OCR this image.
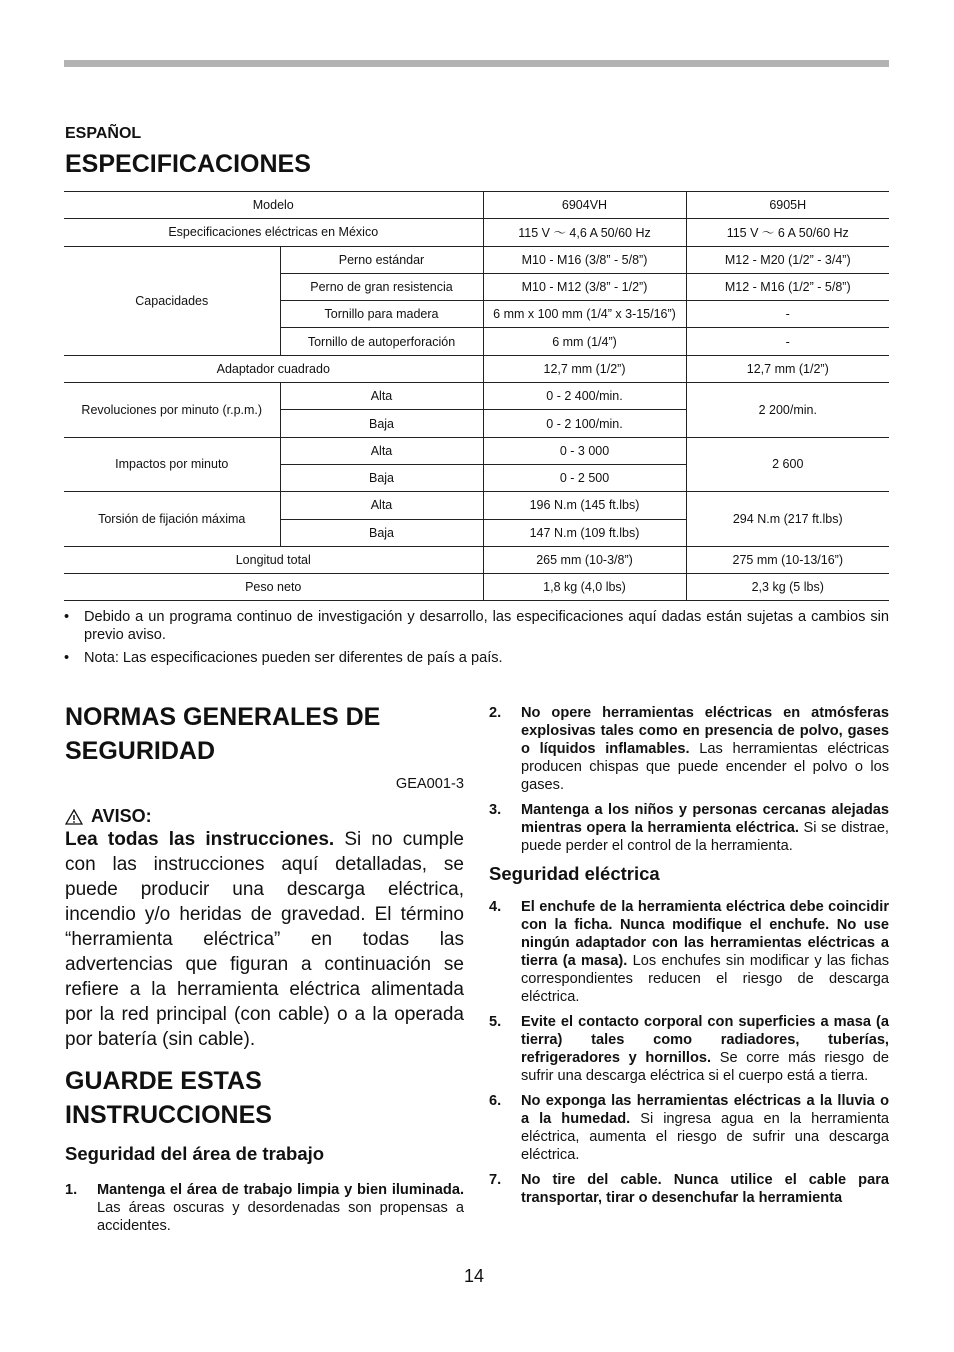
ESPAÑOL
ESPECIFICACIONES
Modelo		6904VH	6905H
Especificaciones eléctricas en México		115 V ～ 4,6 A 50/60 Hz	115 V ～ 6 A 50/60 Hz
Capacidades	Perno estándar	M10 - M16 (3/8” - 5/8”)	M12 - M20 (1/2” - 3/4”)
	Perno de gran resistencia	M10 - M12 (3/8” - 1/2”)	M12 - M16 (1/2” - 5/8”)
	Tornillo para madera	6 mm x 100 mm (1/4” x 3-15/16”)	-
	Tornillo de autoperforación	6 mm (1/4”)	-
Adaptador cuadrado		12,7 mm (1/2”)	12,7 mm (1/2”)
Revoluciones por minuto (r.p.m.)	Alta	0 - 2 400/min.	2 200/min.
	Baja	0 - 2 100/min.	
Impactos por minuto	Alta	0 - 3 000	2 600
	Baja	0 - 2 500	
Torsión de fijación máxima	Alta	196 N.m (145 ft.lbs)	294 N.m (217 ft.lbs)
	Baja	147 N.m (109 ft.lbs)	
Longitud total		265 mm (10-3/8”)	275 mm (10-13/16”)
Peso neto		1,8 kg (4,0 lbs)	2,3 kg (5 lbs)
• Debido a un programa continuo de investigación y desarrollo, las especificaciones aquí dadas están sujetas a cambios sin previo aviso.
• Nota: Las especificaciones pueden ser diferentes de país a país.
NORMAS GENERALES DE SEGURIDAD
GEA001-3
AVISO:

Lea todas las instrucciones. Si no cumple con las instrucciones aquí detalladas, se puede producir una descarga eléctrica, incendio y/o heridas de gravedad. El término “herramienta eléctrica” en todas las advertencias que figuran a continuación se refiere a la herramienta eléctrica alimentada por la red principal (con cable) o a la operada por batería (sin cable).

GUARDE ESTAS INSTRUCCIONES
Seguridad del área de trabajo
1.	Mantenga el área de trabajo limpia y bien iluminada. Las áreas oscuras y desordenadas son propensas a accidentes.
2.	No opere herramientas eléctricas en atmósferas explosivas tales como en presencia de polvo, gases o líquidos inflamables. Las herramientas eléctricas producen chispas que puede encender el polvo o los gases.
3.	Mantenga a los niños y personas cercanas alejadas mientras opera la herramienta eléctrica. Si se distrae, puede perder el control de la herramienta.
Seguridad eléctrica
4.	El enchufe de la herramienta eléctrica debe coincidir con la ficha. Nunca modifique el enchufe. No use ningún adaptador con las herramientas eléctricas a tierra (a masa). Los enchufes sin modificar y las fichas correspondientes reducen el riesgo de descarga eléctrica.
5.	Evite el contacto corporal con superficies a masa (a tierra) tales como radiadores, tuberías, refrigeradores y hornillos. Se corre más riesgo de sufrir una descarga eléctrica si el cuerpo está a tierra.
6.	No exponga las herramientas eléctricas a la lluvia o a la humedad. Si ingresa agua en la herramienta eléctrica, aumenta el riesgo de sufrir una descarga eléctrica.
7.	No tire del cable. Nunca utilice el cable para transportar, tirar o desenchufar la herramienta
14
